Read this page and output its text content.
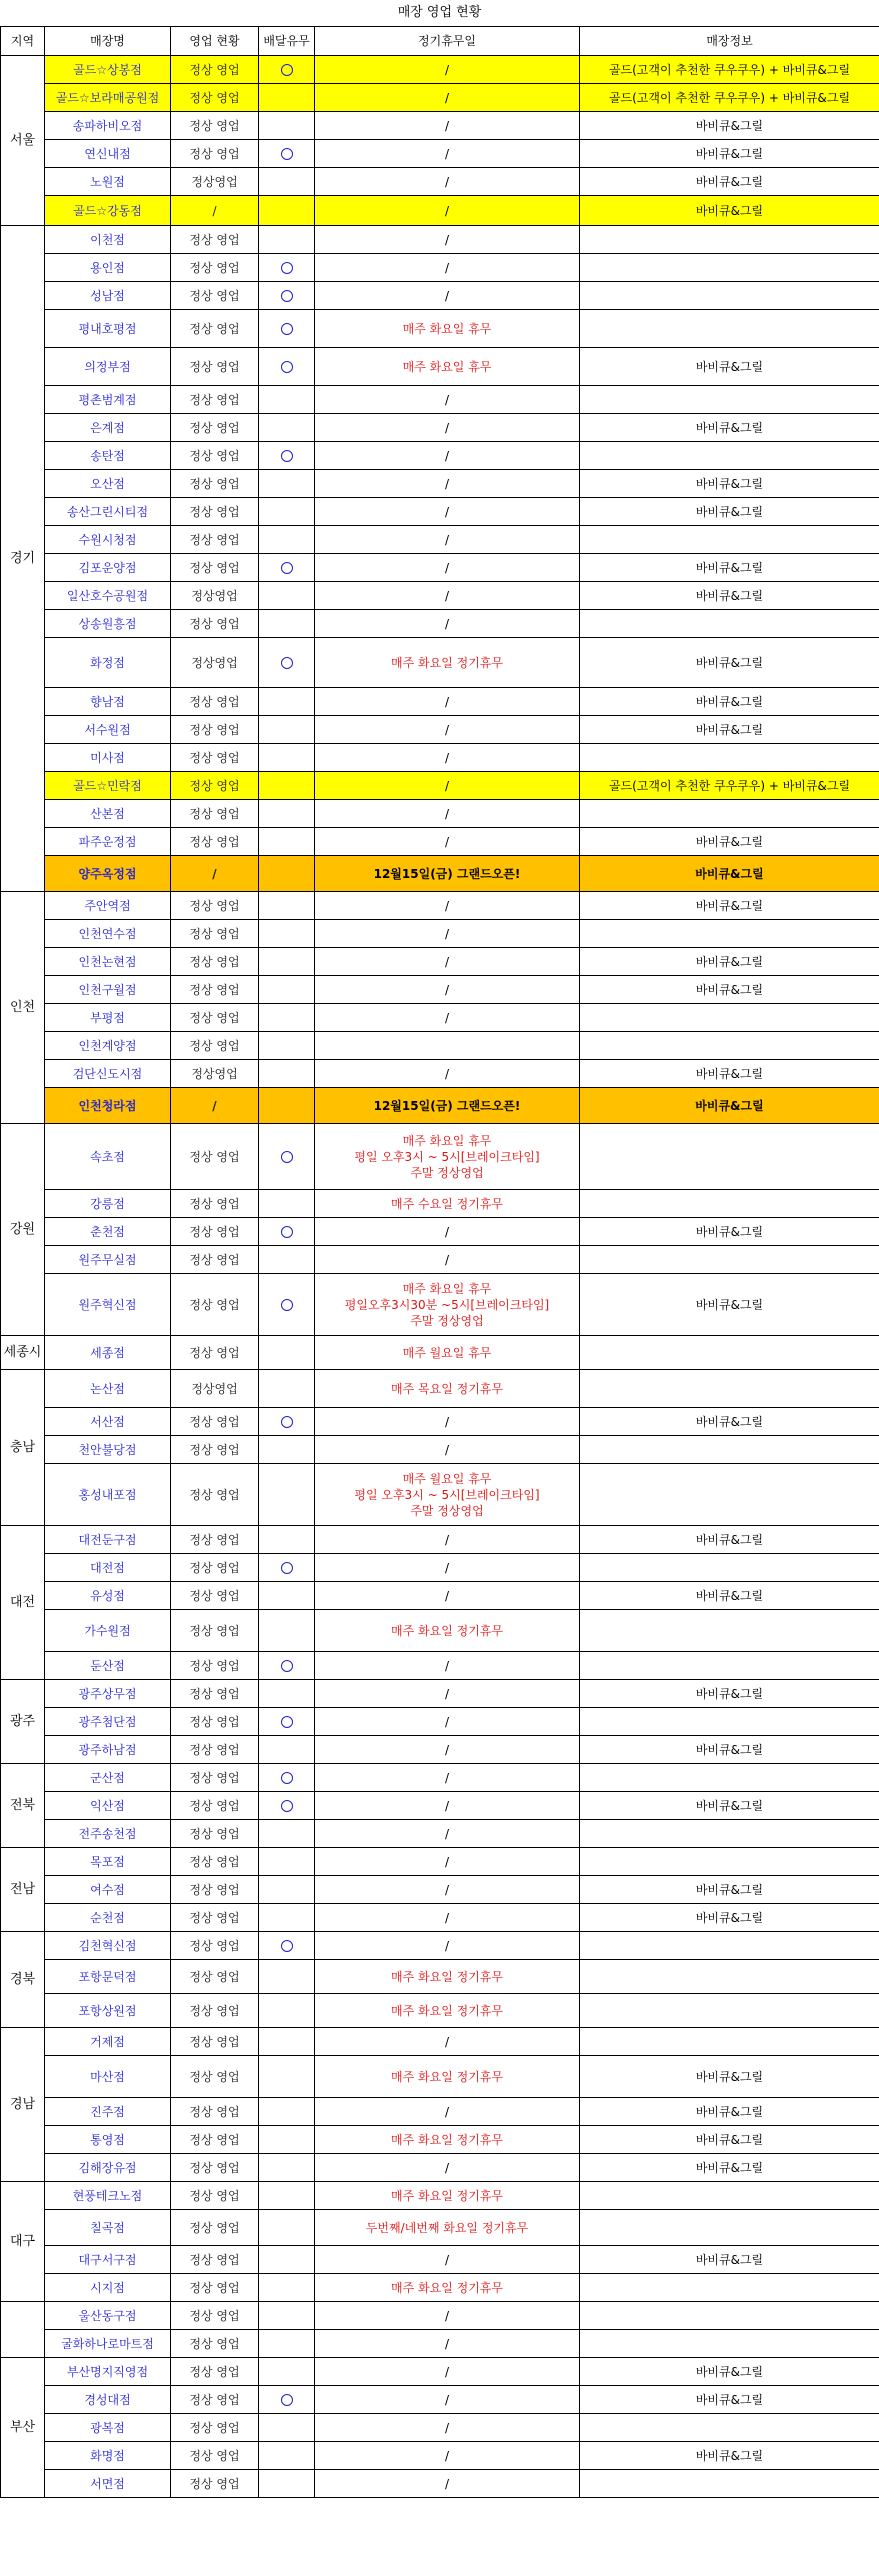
매장 영업 현황
지역	매장명	영업 현황	배달유무	정기휴무일	매장정보
서울	골드☆상봉점	정상 영업		/	골드(고객이 추천한 쿠우쿠우) + 바비큐&그릴
	골드☆보라매공원점	정상 영업		/	골드(고객이 추천한 쿠우쿠우) + 바비큐&그릴
	송파하비오점	정상 영업		/	바비큐&그릴
	연신내점	정상 영업		/	바비큐&그릴
	노원점	정상영업		/	바비큐&그릴
	골드☆강동점	/		/	바비큐&그릴
경기	이천점	정상 영업		/	
	용인점	정상 영업		/	
	성남점	정상 영업		/	
	평내호평점	정상 영업		매주 화요일 휴무	
	의정부점	정상 영업		매주 화요일 휴무	바비큐&그릴
	평촌범계점	정상 영업		/	
	은계점	정상 영업		/	바비큐&그릴
	송탄점	정상 영업		/	
	오산점	정상 영업		/	바비큐&그릴
	송산그린시티점	정상 영업		/	바비큐&그릴
	수원시청점	정상 영업		/	
	김포운양점	정상 영업		/	바비큐&그릴
	일산호수공원점	정상영업		/	바비큐&그릴
	상송원흥점	정상 영업		/	
	화정점	정상영업		매주 화요일 정기휴무	바비큐&그릴
	향남점	정상 영업		/	바비큐&그릴
	서수원점	정상 영업		/	바비큐&그릴
	미사점	정상 영업		/	
	골드☆민락점	정상 영업		/	골드(고객이 추천한 쿠우쿠우) + 바비큐&그릴
	산본점	정상 영업		/	
	파주운정점	정상 영업		/	바비큐&그릴
	양주옥정점	/		12월15일(금) 그랜드오픈!	바비큐&그릴
인천	주안역점	정상 영업		/	바비큐&그릴
	인천연수점	정상 영업		/	
	인천논현점	정상 영업		/	바비큐&그릴
	인천구월점	정상 영업		/	바비큐&그릴
	부평점	정상 영업		/	
	인천계양점	정상 영업			
	검단신도시점	정상영업		/	바비큐&그릴
	인천청라점	/		12월15일(금) 그랜드오픈!	바비큐&그릴
강원	속초점	정상 영업		매주 화요일 휴무
평일 오후3시 ~ 5시[브레이크타임]
주말 정상영업	
	강릉점	정상 영업		매주 수요일 정기휴무	
	춘천점	정상 영업		/	바비큐&그릴
	원주무실점	정상 영업		/	
	원주혁신점	정상 영업		매주 화요일 휴무
평일오후3시30분 ~5시[브레이크타임]
주말 정상영업	바비큐&그릴
세종시	세종점	정상 영업		매주 월요일 휴무	
충남	논산점	정상영업		매주 목요일 정기휴무	
	서산점	정상 영업		/	바비큐&그릴
	천안불당점	정상 영업		/	
	홍성내포점	정상 영업		매주 월요일 휴무
평일 오후3시 ~ 5시[브레이크타임]
주말 정상영업	
대전	대전둔구점	정상 영업		/	바비큐&그릴
	대전점	정상 영업		/	
	유성점	정상 영업		/	바비큐&그릴
	가수원점	정상 영업		매주 화요일 정기휴무	
	둔산점	정상 영업		/	
광주	광주상무점	정상 영업		/	바비큐&그릴
	광주첨단점	정상 영업		/	
	광주하남점	정상 영업		/	바비큐&그릴
전북	군산점	정상 영업		/	
	익산점	정상 영업		/	바비큐&그릴
	전주송천점	정상 영업		/	
전남	목포점	정상 영업		/	
	여수점	정상 영업		/	바비큐&그릴
	순천점	정상 영업		/	바비큐&그릴
경북	김천혁신점	정상 영업		/	
	포항문덕점	정상 영업		매주 화요일 정기휴무	
	포항상원점	정상 영업		매주 화요일 정기휴무	
경남	거제점	정상 영업		/	
	마산점	정상 영업		매주 화요일 정기휴무	바비큐&그릴
	진주점	정상 영업		/	바비큐&그릴
	통영점	정상 영업		매주 화요일 정기휴무	바비큐&그릴
	김해장유점	정상 영업		/	바비큐&그릴
대구	현풍테크노점	정상 영업		매주 화요일 정기휴무	
	칠곡점	정상 영업		두번째/네번째 화요일 정기휴무	
	대구서구점	정상 영업		/	바비큐&그릴
	시지점	정상 영업		매주 화요일 정기휴무	
	울산동구점	정상 영업		/	
	굴화하나로마트점	정상 영업		/	
부산	부산명지직영점	정상 영업		/	바비큐&그릴
	경성대점	정상 영업		/	바비큐&그릴
	광복점	정상 영업		/	
	화명점	정상 영업		/	바비큐&그릴
	서면점	정상 영업		/	
